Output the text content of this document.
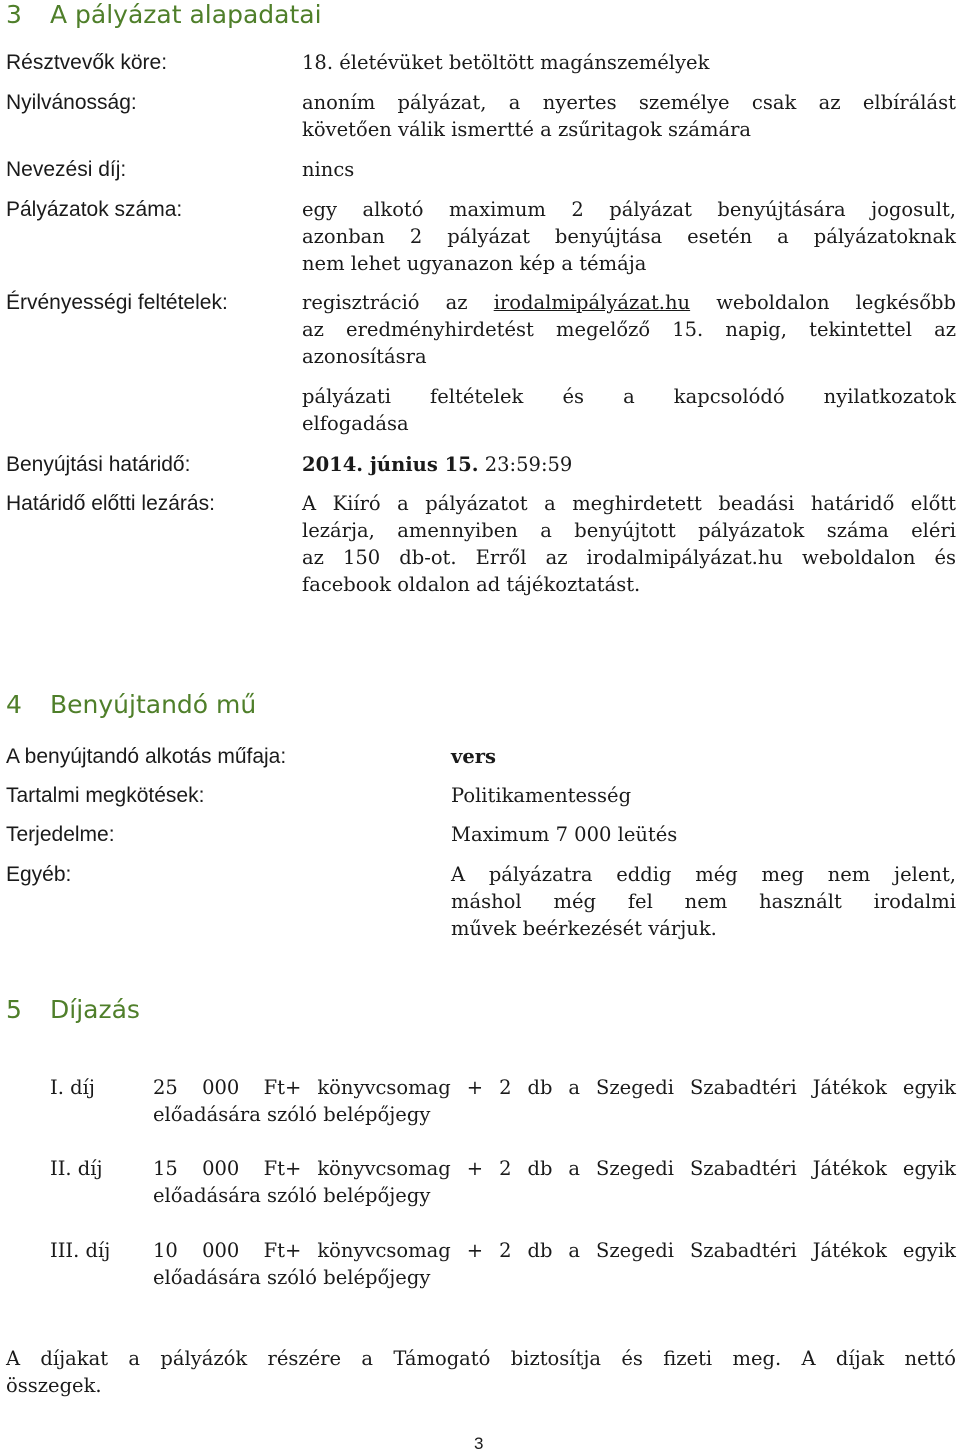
3 A pályázat alapadatai
Résztvevők köre:	18. életévüket betöltött magánszemélyek
Nyilvánosság:	anoním pályázat, a nyertes személye csak az elbírálást
követően válik ismertté a zsűritagok számára
Nevezési díj:	nincs
Pályázatok száma:	egy alkotó maximum 2 pályázat benyújtására jogosult,
azonban 2 pályázat benyújtása esetén a pályázatoknak
nem lehet ugyanazon kép a témája
Érvényességi feltételek:	regisztráció az irodalmipályázat.hu weboldalon legkésőbb
az eredményhirdetést megelőző 15. napig, tekintettel az
azonosításra
pályázati feltételek és a kapcsolódó nyilatkozatok
elfogadása
Benyújtási határidő:	2014. június 15. 23:59:59
Határidő előtti lezárás:	A Kiíró a pályázatot a meghirdetett beadási határidő előtt
lezárja, amennyiben a benyújtott pályázatok száma eléri
az 150 db-ot. Erről az irodalmipályázat.hu weboldalon és
facebook oldalon ad tájékoztatást.
4 Benyújtandó mű
A benyújtandó alkotás műfaja:	vers
Tartalmi megkötések:	Politikamentesség
Terjedelme:	Maximum 7 000 leütés
Egyéb:	A pályázatra eddig még meg nem jelent,
máshol még fel nem használt irodalmi
művek beérkezését várjuk.
5 Díjazás
I. díj	25 000 Ft+ könyvcsomag + 2 db a Szegedi Szabadtéri Játékok egyik
előadására szóló belépőjegy
II. díj	15 000 Ft+ könyvcsomag + 2 db a Szegedi Szabadtéri Játékok egyik
előadására szóló belépőjegy
III. díj 10 000 Ft+ könyvcsomag + 2 db a Szegedi Szabadtéri Játékok egyik
előadására szóló belépőjegy
A díjakat a pályázók részére a Támogató biztosítja és fizeti meg. A díjak nettó
összegek.
3
